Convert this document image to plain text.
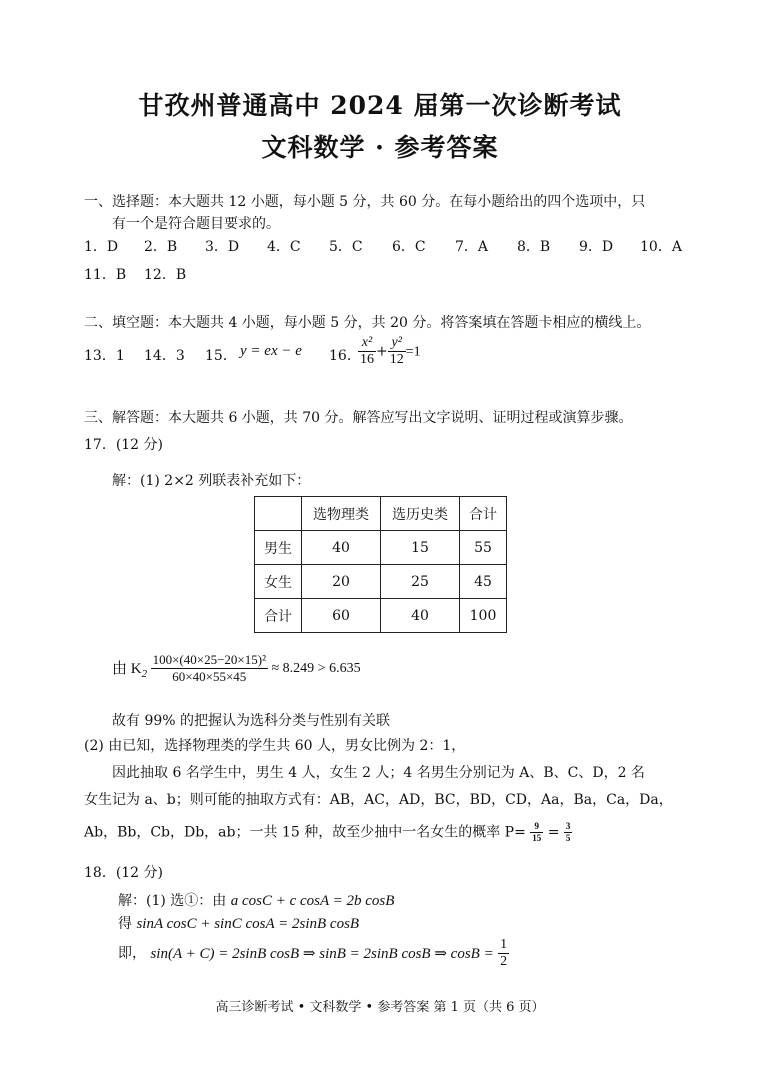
甘孜州普通高中 2024 届第一次诊断考试
文科数学 · 参考答案
一、选择题：本大题共 12 小题，每小题 5 分，共 60 分。在每小题给出的四个选项中，只
有一个是符合题目要求的。
1．D 2．B 3．D 4．C 5．C 6．C 7．A 8．B 9．D 10．A
11．B 12．B
二、填空题：本大题共 4 小题，每小题 5 分，共 20 分。将答案填在答题卡相应的横线上。
13．1 14．3 15． y = ex − e 16．
$\frac{\text{x²}}{16} + \frac{\text{y²}}{12} =1$
三、解答题：本大题共 6 小题，共 70 分。解答应写出文字说明、证明过程或演算步骤。
17．(12 分)
解：(1) 2×2 列联表补充如下：
	选物理类	选历史类	合计
男生	40	15	55
女生	20	25	45
合计	60	40	100
由 $K_2 \frac{\text{100×(40×25−20×15)²}}{60\times 40\times 55\times 45} \approx 8.249 > 6.635$
故有 99% 的把握认为选科分类与性别有关联
(2) 由已知，选择物理类的学生共 60 人，男女比例为 2：1，
因此抽取 6 名学生中，男生 4 人，女生 2 人；4 名男生分别记为 A、B、C、D，2 名
女生记为 a、b；则可能的抽取方式有：AB，AC，AD，BC，BD，CD，Aa，Ba，Ca，Da，
Ab，Bb，Cb，Db，ab；一共 15 种，故至少抽中一名女生的概率 $P= \frac{9}{15} = \frac{3}{5}$
18．(12 分)
解：(1) 选①：由 a cosC + c cosA = 2b cosB
得 sinA cosC + sinC cosA = 2sinB cosB
即， sin(A + C) = 2sinB cosB ⇒ sinB = 2sinB cosB ⇒ $\cos B = \frac{1}{2}$
高三诊断考试 • 文科数学 • 参考答案 第 1 页（共 6 页）
